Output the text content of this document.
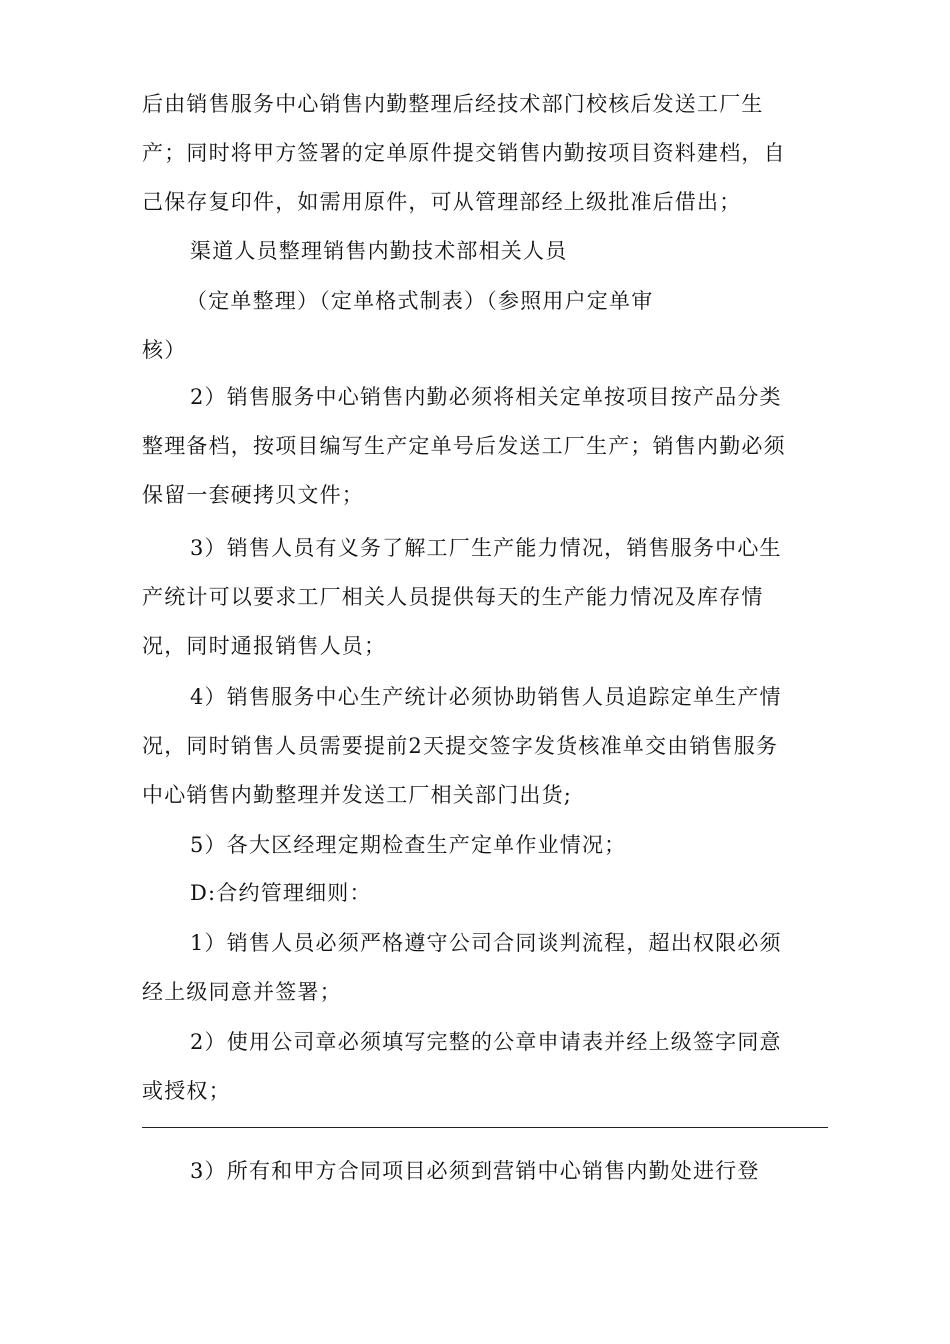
后由销售服务中心销售内勤整理后经技术部门校核后发送工厂生
产；同时将甲方签署的定单原件提交销售内勤按项目资料建档，自
己保存复印件，如需用原件，可从管理部经上级批准后借出；

渠道人员整理销售内勤技术部相关人员

（定单整理）（定单格式制表）（参照用户定单审
核）

2）销售服务中心销售内勤必须将相关定单按项目按产品分类
整理备档，按项目编写生产定单号后发送工厂生产；销售内勤必须
保留一套硬拷贝文件；

3）销售人员有义务了解工厂生产能力情况，销售服务中心生
产统计可以要求工厂相关人员提供每天的生产能力情况及库存情
况，同时通报销售人员；

4）销售服务中心生产统计必须协助销售人员追踪定单生产情
况，同时销售人员需要提前2天提交签字发货核准单交由销售服务
中心销售内勤整理并发送工厂相关部门出货;

5）各大区经理定期检查生产定单作业情况；

D:合约管理细则：

1）销售人员必须严格遵守公司合同谈判流程，超出权限必须
经上级同意并签署；

2）使用公司章必须填写完整的公章申请表并经上级签字同意
或授权；

3）所有和甲方合同项目必须到营销中心销售内勤处进行登
